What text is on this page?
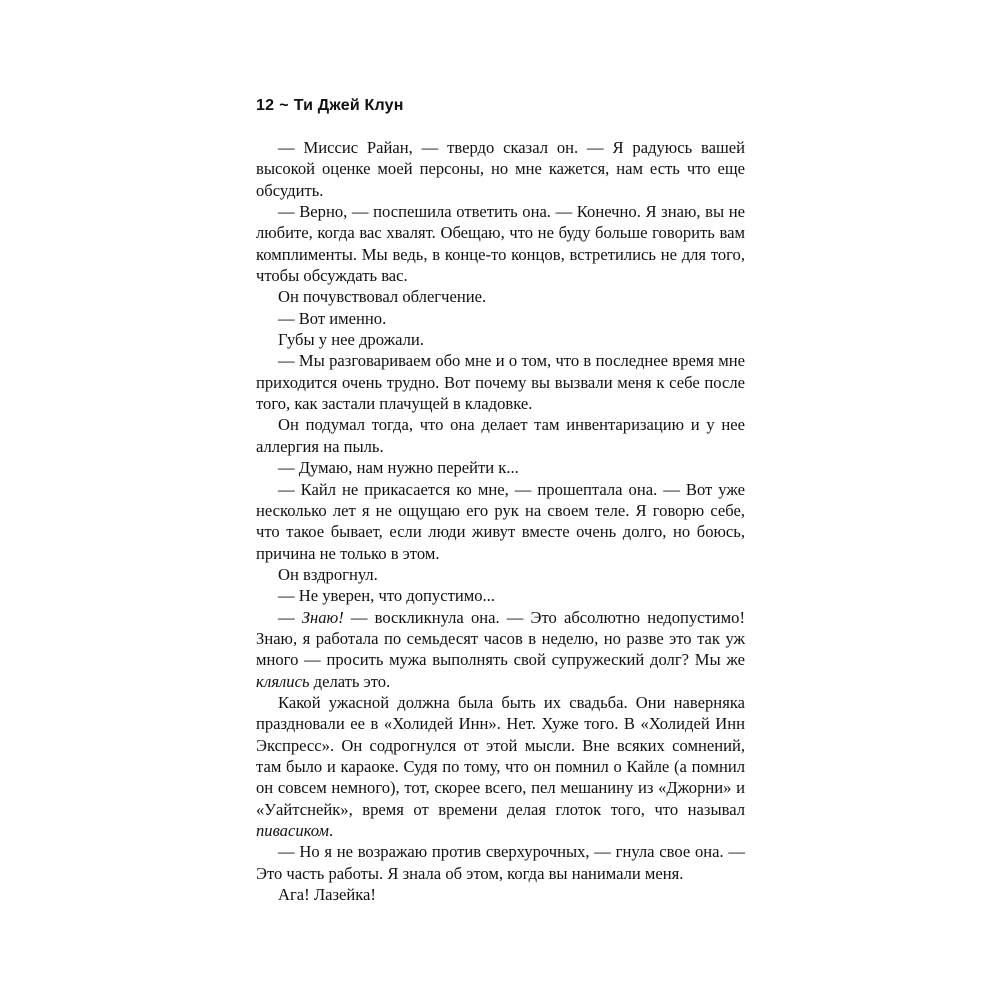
12 ~ Ти Джей Клун

— Миссис Райан, — твердо сказал он. — Я радуюсь вашей высокой оценке моей персоны, но мне кажется, нам есть что еще обсудить.

— Верно, — поспешила ответить она. — Конечно. Я знаю, вы не любите, когда вас хвалят. Обещаю, что не буду больше говорить вам комплименты. Мы ведь, в конце-то концов, встретились не для того, чтобы обсуждать вас.

Он почувствовал облегчение.

— Вот именно.

Губы у нее дрожали.

— Мы разговариваем обо мне и о том, что в последнее время мне приходится очень трудно. Вот почему вы вызвали меня к себе после того, как застали плачущей в кладовке.

Он подумал тогда, что она делает там инвентаризацию и у нее аллергия на пыль.

— Думаю, нам нужно перейти к...

— Кайл не прикасается ко мне, — прошептала она. — Вот уже несколько лет я не ощущаю его рук на своем теле. Я говорю себе, что такое бывает, если люди живут вместе очень долго, но боюсь, причина не только в этом.

Он вздрогнул.

— Не уверен, что допустимо...

— Знаю! — воскликнула она. — Это абсолютно недопустимо! Знаю, я работала по семьдесят часов в неделю, но разве это так уж много — просить мужа выполнять свой супружеский долг? Мы же клялись делать это.

Какой ужасной должна была быть их свадьба. Они наверняка праздновали ее в «Холидей Инн». Нет. Хуже того. В «Холидей Инн Экспресс». Он содрогнулся от этой мысли. Вне всяких сомнений, там было и караоке. Судя по тому, что он помнил о Кайле (а помнил он совсем немного), тот, скорее всего, пел мешанину из «Джорни» и «Уайтснейк», время от времени делая глоток того, что называл пивасиком.

— Но я не возражаю против сверхурочных, — гнула свое она. — Это часть работы. Я знала об этом, когда вы нанимали меня.

Ага! Лазейка!
